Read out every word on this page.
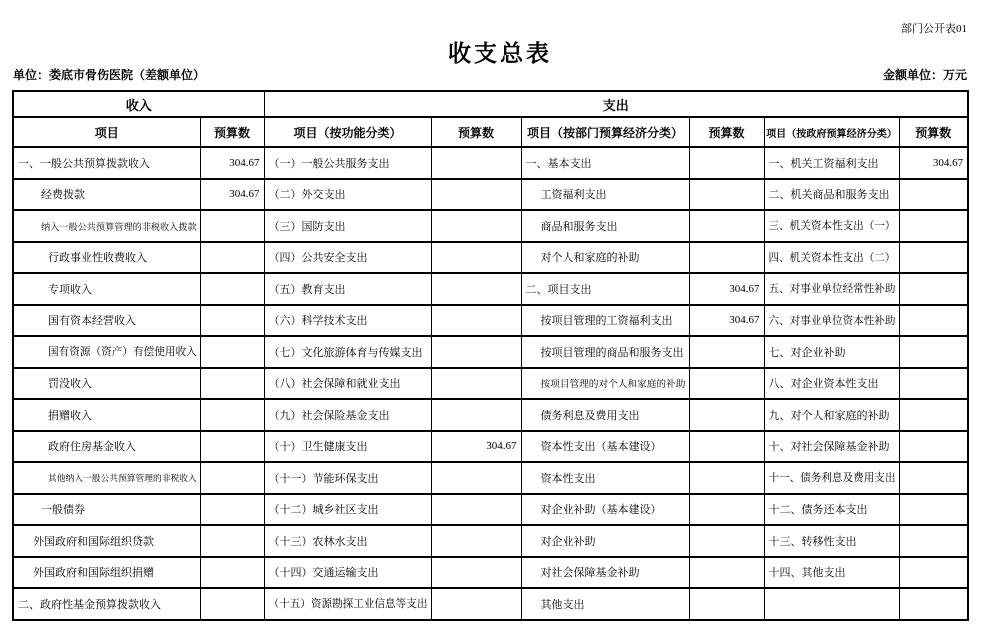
部门公开表01
收支总表
单位：娄底市骨伤医院（差额单位）	金额单位：万元
收入		支出					
项目	预算数	项目（按功能分类）	预算数	项目（按部门预算经济分类）	预算数	项目（按政府预算经济分类）	预算数
一、一般公共预算拨款收入	304.67	（一）一般公共服务支出		一、基本支出		一、机关工资福利支出	304.67
经费拨款	304.67	（二）外交支出		工资福利支出		二、机关商品和服务支出	
纳入一般公共预算管理的非税收入拨款		（三）国防支出		商品和服务支出		三、机关资本性支出（一）	
行政事业性收费收入		（四）公共安全支出		对个人和家庭的补助		四、机关资本性支出（二）	
专项收入		（五）教育支出		二、项目支出	304.67	五、对事业单位经常性补助	
国有资本经营收入		（六）科学技术支出		按项目管理的工资福利支出	304.67	六、对事业单位资本性补助	
国有资源（资产）有偿使用收入		（七）文化旅游体育与传媒支出		按项目管理的商品和服务支出		七、对企业补助	
罚没收入		（八）社会保障和就业支出		按项目管理的对个人和家庭的补助		八、对企业资本性支出	
捐赠收入		（九）社会保险基金支出		债务利息及费用支出		九、对个人和家庭的补助	
政府住房基金收入		（十）卫生健康支出	304.67	资本性支出（基本建设）		十、对社会保障基金补助	
其他纳入一般公共预算管理的非税收入		（十一）节能环保支出		资本性支出		十一、债务利息及费用支出	
一般债券		（十二）城乡社区支出		对企业补助（基本建设）		十二、债务还本支出	
外国政府和国际组织贷款		（十三）农林水支出		对企业补助		十三、转移性支出	
外国政府和国际组织捐赠		（十四）交通运输支出		对社会保障基金补助		十四、其他支出	
二、政府性基金预算拨款收入		（十五）资源勘探工业信息等支出		其他支出			
